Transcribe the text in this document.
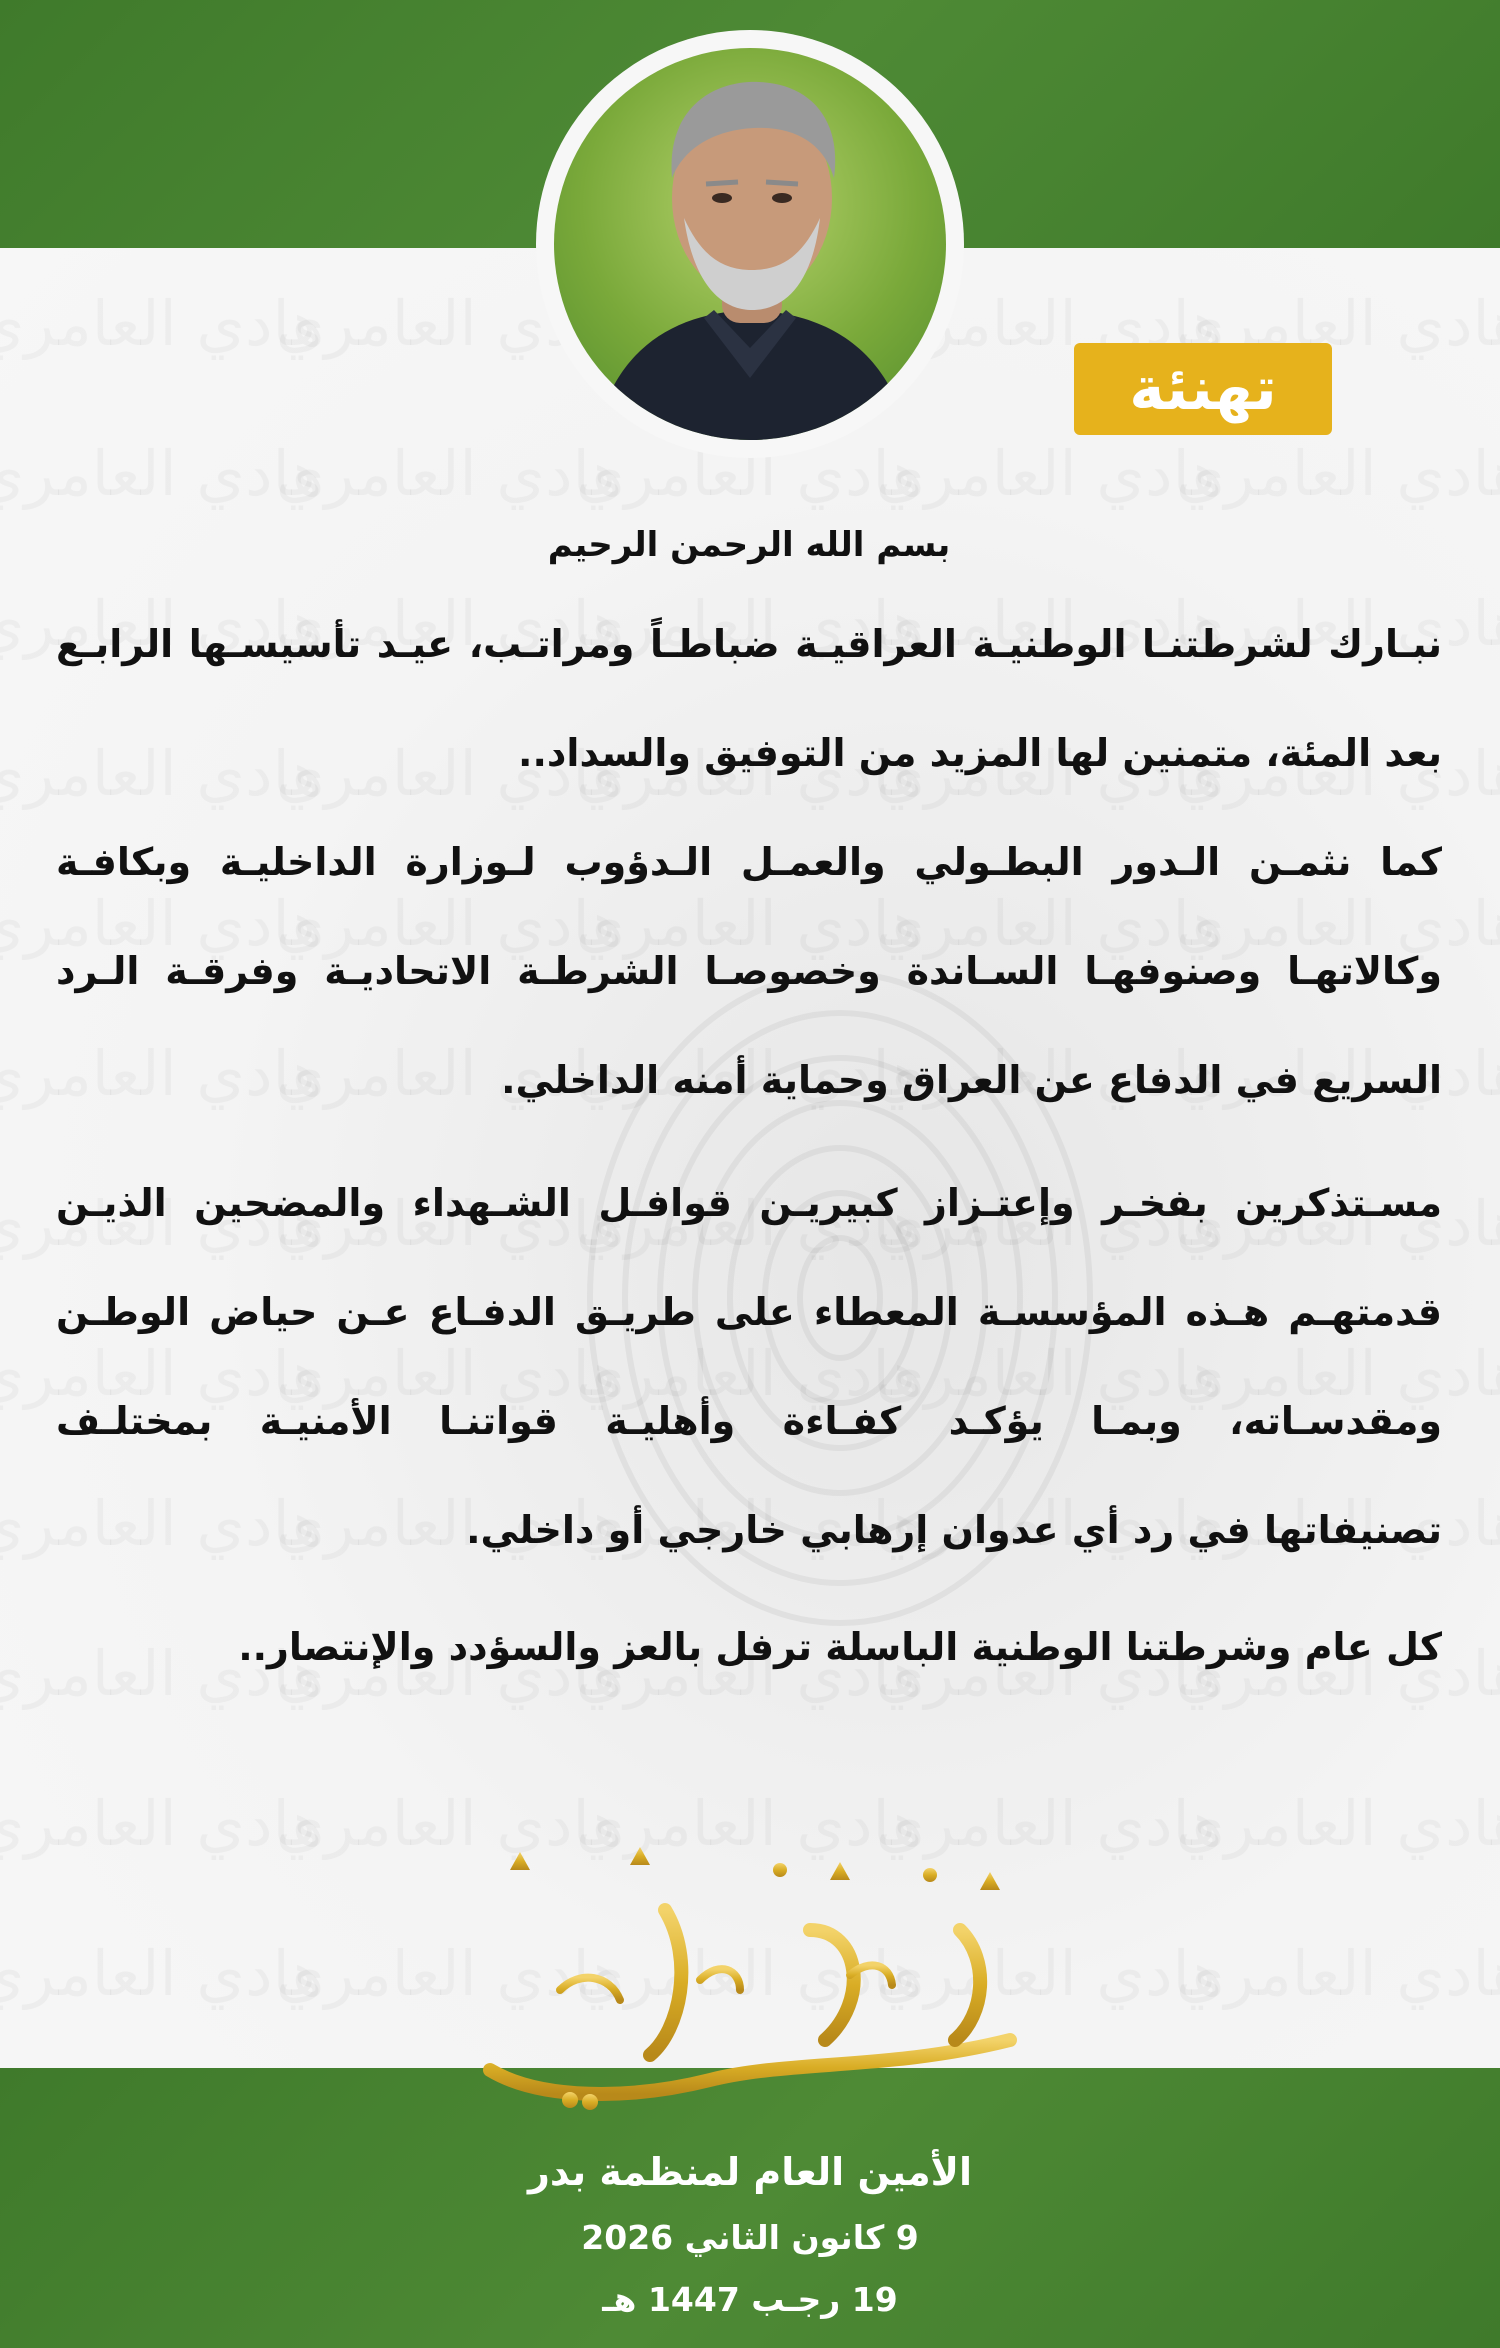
تهنئة
بسم الله الرحمن الرحيم
نبـارك لشرطتنـا الوطنيـة العراقيـة ضباطـاً ومراتـب، عيـد تأسيسـها الرابـع
بعد المئة، متمنين لها المزيد من التوفيق والسداد..
كما نثمـن الـدور البطـولي والعمـل الـدؤوب لـوزارة الداخليـة وبكافـة
وكالاتهـا وصنوفهـا السـاندة وخصوصـا الشرطـة الاتحاديـة وفرقـة الـرد
السريع في الدفاع عن العراق وحماية أمنه الداخلي.
مسـتذكرين بفخـر وإعتـزاز كبيريـن قوافـل الشـهداء والمضحين الذيـن
قدمتهـم هـذه المؤسسـة المعطاء على طريـق الدفـاع عـن حياض الوطـن
ومقدسـاته، وبمـا يؤكـد كفـاءة وأهليـة قواتنـا الأمنيـة بمختلـف
تصنيفاتها في رد أي عدوان إرهابي خارجي أو داخلي.
كل عام وشرطتنا الوطنية الباسلة ترفل بالعز والسؤدد والإنتصار..
الأمين العام لمنظمة بدر
9 كانون الثاني 2026
19 رجـب 1447 هـ
